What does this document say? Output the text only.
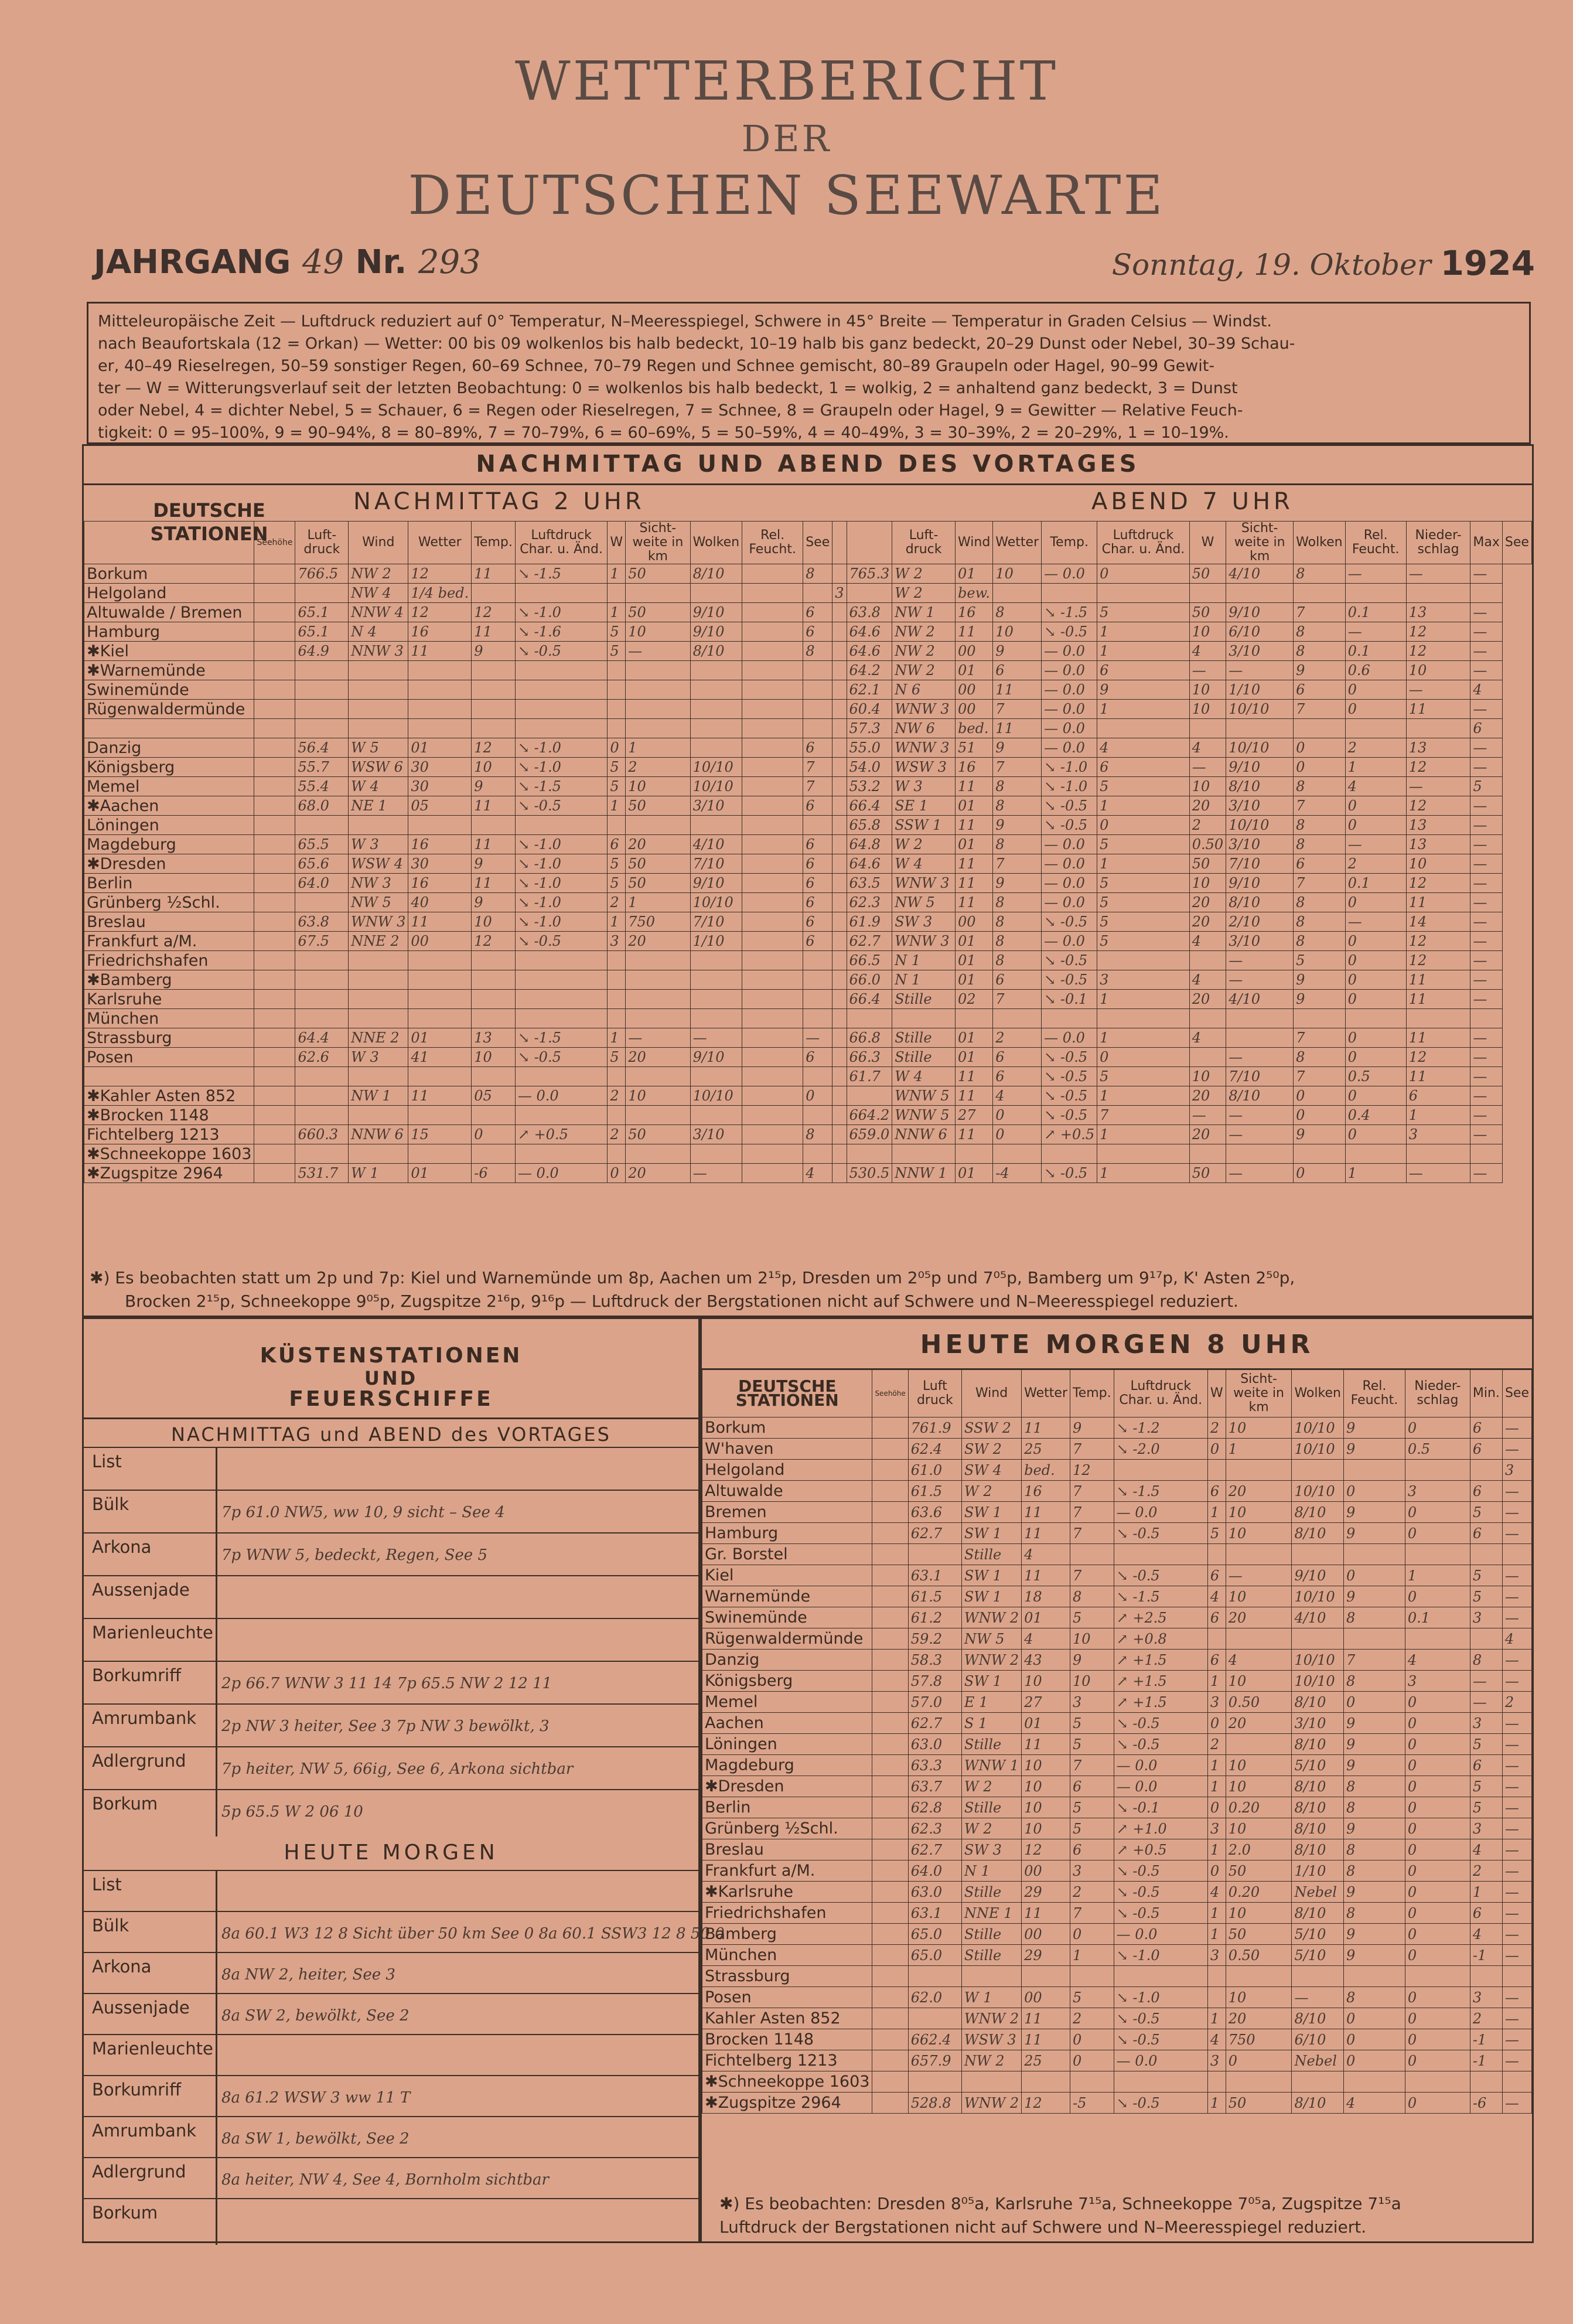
WETTERBERICHT
DER
DEUTSCHEN SEEWARTE
JAHRGANG 49 Nr. 293	Sonntag, 19. Oktober 1924

Mitteleuropäische Zeit — Luftdruck reduziert auf 0° Temperatur, N–Meeresspiegel, Schwere in 45° Breite — Temperatur in Graden Celsius — Windst.

nach Beaufortskala (12 = Orkan) — Wetter: 00 bis 09 wolkenlos bis halb bedeckt, 10–19 halb bis ganz bedeckt, 20–29 Dunst oder Nebel, 30–39 Schau-

er, 40–49 Rieselregen, 50–59 sonstiger Regen, 60–69 Schnee, 70–79 Regen und Schnee gemischt, 80–89 Graupeln oder Hagel, 90–99 Gewit-

ter — W = Witterungsverlauf seit der letzten Beobachtung: 0 = wolkenlos bis halb bedeckt, 1 = wolkig, 2 = anhaltend ganz bedeckt, 3 = Dunst

oder Nebel, 4 = dichter Nebel, 5 = Schauer, 6 = Regen oder Rieselregen, 7 = Schnee, 8 = Graupeln oder Hagel, 9 = Gewitter — Relative Feuch-

tigkeit: 0 = 95–100%, 9 = 90–94%, 8 = 80–89%, 7 = 70–79%, 6 = 60–69%, 5 = 50–59%, 4 = 40–49%, 3 = 30–39%, 2 = 20–29%, 1 = 10–19%.

NACHMITTAG UND ABEND DES VORTAGES
DEUTSCHE STATIONEN
NACHMITTAG 2 UHR	ABEND 7 UHR
	Seehöhe	Luft-druck	Wind	Wetter	Temp.	Luftdruck Char. u. Änd.	W	Sicht-weite in km	Wolken	Rel. Feucht.	See			Luft-druck	Wind	Wetter	Temp.	Luftdruck Char. u. Änd.	W	Sicht-weite in km	Wolken	Rel. Feucht.	Nieder-schlag	Max	See
Borkum		766.5	NW 2	12	11	↘ -1.5	1	50	8/10		8		765.3	W 2	01	10	— 0.0	0	50	4/10	8	—	—	—	
Helgoland			NW 4	1/4 bed.								3		W 2	bew.										
Altuwalde / Bremen		65.1	NNW 4	12	12	↘ -1.0	1	50	9/10		6		63.8	NW 1	16	8	↘ -1.5	5	50	9/10	7	0.1	13	—	
Hamburg		65.1	N 4	16	11	↘ -1.6	5	10	9/10		6		64.6	NW 2	11	10	↘ -0.5	1	10	6/10	8	—	12	—	
✱Kiel		64.9	NNW 3	11	9	↘ -0.5	5	—	8/10		8		64.6	NW 2	00	9	— 0.0	1	4	3/10	8	0.1	12	—	
✱Warnemünde													64.2	NW 2	01	6	— 0.0	6	—	—	9	0.6	10	—	
Swinemünde													62.1	N 6	00	11	— 0.0	9	10	1/10	6	0	—	4	
Rügenwaldermünde													60.4	WNW 3	00	7	— 0.0	1	10	10/10	7	0	11	—	
													57.3	NW 6	bed.	11	— 0.0							6	
Danzig		56.4	W 5	01	12	↘ -1.0	0	1			6		55.0	WNW 3	51	9	— 0.0	4	4	10/10	0	2	13	—	
Königsberg		55.7	WSW 6	30	10	↘ -1.0	5	2	10/10		7		54.0	WSW 3	16	7	↘ -1.0	6	—	9/10	0	1	12	—	
Memel		55.4	W 4	30	9	↘ -1.5	5	10	10/10		7		53.2	W 3	11	8	↘ -1.0	5	10	8/10	8	4	—	5	
✱Aachen		68.0	NE 1	05	11	↘ -0.5	1	50	3/10		6		66.4	SE 1	01	8	↘ -0.5	1	20	3/10	7	0	12	—	
Löningen													65.8	SSW 1	11	9	↘ -0.5	0	2	10/10	8	0	13	—	
Magdeburg		65.5	W 3	16	11	↘ -1.0	6	20	4/10		6		64.8	W 2	01	8	— 0.0	5	0.50	3/10	8	—	13	—	
✱Dresden		65.6	WSW 4	30	9	↘ -1.0	5	50	7/10		6		64.6	W 4	11	7	— 0.0	1	50	7/10	6	2	10	—	
Berlin		64.0	NW 3	16	11	↘ -1.0	5	50	9/10		6		63.5	WNW 3	11	9	— 0.0	5	10	9/10	7	0.1	12	—	
Grünberg ½Schl.			NW 5	40	9	↘ -1.0	2	1	10/10		6		62.3	NW 5	11	8	— 0.0	5	20	8/10	8	0	11	—	
Breslau		63.8	WNW 3	11	10	↘ -1.0	1	750	7/10		6		61.9	SW 3	00	8	↘ -0.5	5	20	2/10	8	—	14	—	
Frankfurt a/M.		67.5	NNE 2	00	12	↘ -0.5	3	20	1/10		6		62.7	WNW 3	01	8	— 0.0	5	4	3/10	8	0	12	—	
Friedrichshafen													66.5	N 1	01	8	↘ -0.5			—	5	0	12	—	
✱Bamberg													66.0	N 1	01	6	↘ -0.5	3	4	—	9	0	11	—	
Karlsruhe													66.4	Stille	02	7	↘ -0.1	1	20	4/10	9	0	11	—	
München																									
Strassburg		64.4	NNE 2	01	13	↘ -1.5	1	—	—		—		66.8	Stille	01	2	— 0.0	1	4		7	0	11	—	
Posen		62.6	W 3	41	10	↘ -0.5	5	20	9/10		6		66.3	Stille	01	6	↘ -0.5	0		—	8	0	12	—	
													61.7	W 4	11	6	↘ -0.5	5	10	7/10	7	0.5	11	—	
✱Kahler Asten 852			NW 1	11	05	— 0.0	2	10	10/10		0			WNW 5	11	4	↘ -0.5	1	20	8/10	0	0	6	—	
✱Brocken 1148													664.2	WNW 5	27	0	↘ -0.5	7	—	—	0	0.4	1	—	
Fichtelberg 1213		660.3	NNW 6	15	0	↗ +0.5	2	50	3/10		8		659.0	NNW 6	11	0	↗ +0.5	1	20	—	9	0	3	—	
✱Schneekoppe 1603																									
✱Zugspitze 2964		531.7	W 1	01	-6	— 0.0	0	20	—		4		530.5	NNW 1	01	-4	↘ -0.5	1	50	—	0	1	—	—	
✱) Es beobachten statt um 2p und 7p: Kiel und Warnemünde um 8p, Aachen um 2¹⁵p, Dresden um 2⁰⁵p und 7⁰⁵p, Bamberg um 9¹⁷p, K' Asten 2⁵⁰p,
Brocken 2¹⁵p, Schneekoppe 9⁰⁵p, Zugspitze 2¹⁶p, 9¹⁶p — Luftdruck der Bergstationen nicht auf Schwere und N–Meeresspiegel reduziert.
KÜSTENSTATIONEN
UND
FEUERSCHIFFE
NACHMITTAG und ABEND des VORTAGES
List
Bülk	7p 61.0 NW5, ww 10, 9 sicht – See 4
Arkona	7p WNW 5, bedeckt, Regen, See 5
Aussenjade
Marienleuchte
Borkumriff	2p 66.7 WNW 3 11 14 7p 65.5 NW 2 12 11
Amrumbank 2p NW 3 heiter, See 3 7p NW 3 bewölkt, 3
Adlergrund 7p heiter, NW 5, 66ig, See 6, Arkona sichtbar
Borkum	5p 65.5 W 2 06 10
HEUTE MORGEN
List
Bülk	8a 60.1 W3 12 8 Sicht über 50 km See 0 8a 60.1 SSW3 12 8 50 0
Arkona	8a NW 2, heiter, See 3
Aussenjade 8a SW 2, bewölkt, See 2
Marienleuchte
Borkumriff	8a 61.2 WSW 3 ww 11 T
Amrumbank 8a SW 1, bewölkt, See 2
Adlergrund 8a heiter, NW 4, See 4, Bornholm sichtbar
Borkum
HEUTE MORGEN 8 UHR
DEUTSCHE STATIONEN	Seehöhe	Luft druck	Wind	Wetter	Temp.	Luftdruck Char. u. Änd.	W	Sicht-weite in km	Wolken	Rel. Feucht.	Nieder-schlag	Min.	See
Borkum		761.9	SSW 2	11	9	↘ -1.2	2	10	10/10	9	0	6	—
W'haven		62.4	SW 2	25	7	↘ -2.0	0	1	10/10	9	0.5	6	—
Helgoland		61.0	SW 4	bed.	12								3
Altuwalde		61.5	W 2	16	7	↘ -1.5	6	20	10/10	0	3	6	—
Bremen		63.6	SW 1	11	7	— 0.0	1	10	8/10	9	0	5	—
Hamburg		62.7	SW 1	11	7	↘ -0.5	5	10	8/10	9	0	6	—
Gr. Borstel			Stille	4									
Kiel		63.1	SW 1	11	7	↘ -0.5	6	—	9/10	0	1	5	—
Warnemünde		61.5	SW 1	18	8	↘ -1.5	4	10	10/10	9	0	5	—
Swinemünde		61.2	WNW 2	01	5	↗ +2.5	6	20	4/10	8	0.1	3	—
Rügenwaldermünde		59.2	NW 5	4	10	↗ +0.8							4
Danzig		58.3	WNW 2	43	9	↗ +1.5	6	4	10/10	7	4	8	—
Königsberg		57.8	SW 1	10	10	↗ +1.5	1	10	10/10	8	3	—	—
Memel		57.0	E 1	27	3	↗ +1.5	3	0.50	8/10	0	0	—	2
Aachen		62.7	S 1	01	5	↘ -0.5	0	20	3/10	9	0	3	—
Löningen		63.0	Stille	11	5	↘ -0.5	2		8/10	9	0	5	—
Magdeburg		63.3	WNW 1	10	7	— 0.0	1	10	5/10	9	0	6	—
✱Dresden		63.7	W 2	10	6	— 0.0	1	10	8/10	8	0	5	—
Berlin		62.8	Stille	10	5	↘ -0.1	0	0.20	8/10	8	0	5	—
Grünberg ½Schl.		62.3	W 2	10	5	↗ +1.0	3	10	8/10	9	0	3	—
Breslau		62.7	SW 3	12	6	↗ +0.5	1	2.0	8/10	8	0	4	—
Frankfurt a/M.		64.0	N 1	00	3	↘ -0.5	0	50	1/10	8	0	2	—
✱Karlsruhe		63.0	Stille	29	2	↘ -0.5	4	0.20	Nebel	9	0	1	—
Friedrichshafen		63.1	NNE 1	11	7	↘ -0.5	1	10	8/10	8	0	6	—
Bamberg		65.0	Stille	00	0	— 0.0	1	50	5/10	9	0	4	—
München		65.0	Stille	29	1	↘ -1.0	3	0.50	5/10	9	0	-1	—
Strassburg													
Posen		62.0	W 1	00	5	↘ -1.0		10	—	8	0	3	—
Kahler Asten 852			WNW 2	11	2	↘ -0.5	1	20	8/10	0	0	2	—
Brocken 1148		662.4	WSW 3	11	0	↘ -0.5	4	750	6/10	0	0	-1	—
Fichtelberg 1213		657.9	NW 2	25	0	— 0.0	3	0	Nebel	0	0	-1	—
✱Schneekoppe 1603													
✱Zugspitze 2964		528.8	WNW 2	12	-5	↘ -0.5	1	50	8/10	4	0	-6	—
✱) Es beobachten: Dresden 8⁰⁵a, Karlsruhe 7¹⁵a, Schneekoppe 7⁰⁵a, Zugspitze 7¹⁵a
Luftdruck der Bergstationen nicht auf Schwere und N–Meeresspiegel reduziert.
